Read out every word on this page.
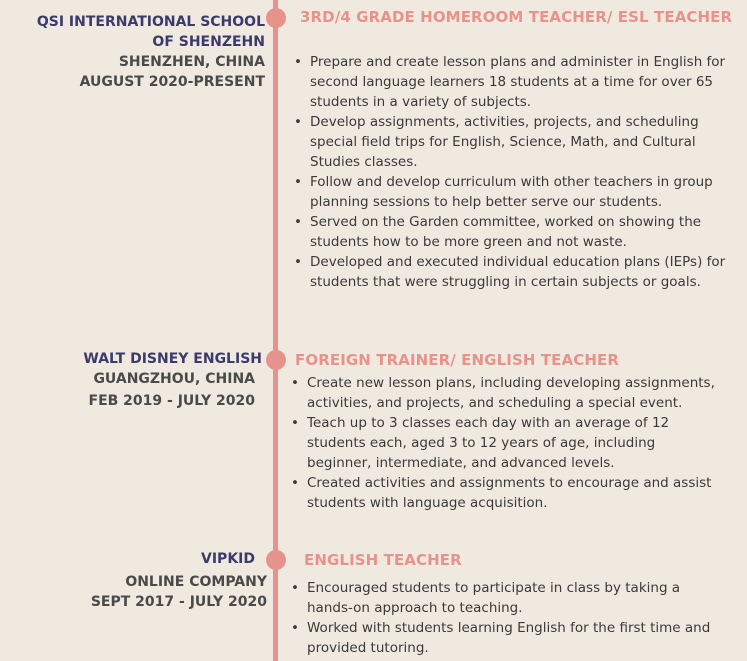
QSI INTERNATIONAL SCHOOL
OF SHENZEHN
SHENZHEN, CHINA
AUGUST 2020-PRESENT
3RD/4 GRADE HOMEROOM TEACHER/ ESL TEACHER
• Prepare and create lesson plans and administer in English for second language learners 18 students at a time for over 65 students in a variety of subjects.
• Develop assignments, activities, projects, and scheduling special field trips for English, Science, Math, and Cultural Studies classes.
• Follow and develop curriculum with other teachers in group planning sessions to help better serve our students.
• Served on the Garden committee, worked on showing the students how to be more green and not waste.
• Developed and executed individual education plans (IEPs) for students that were struggling in certain subjects or goals.
WALT DISNEY ENGLISH
GUANGZHOU, CHINA
FEB 2019 - JULY 2020
FOREIGN TRAINER/ ENGLISH TEACHER
• Create new lesson plans, including developing assignments, activities, and projects, and scheduling a special event.
• Teach up to 3 classes each day with an average of 12 students each, aged 3 to 12 years of age, including beginner, intermediate, and advanced levels.
• Created activities and assignments to encourage and assist students with language acquisition.
VIPKID
ONLINE COMPANY
SEPT 2017 - JULY 2020
ENGLISH TEACHER
• Encouraged students to participate in class by taking a hands-on approach to teaching.
• Worked with students learning English for the first time and provided tutoring.
